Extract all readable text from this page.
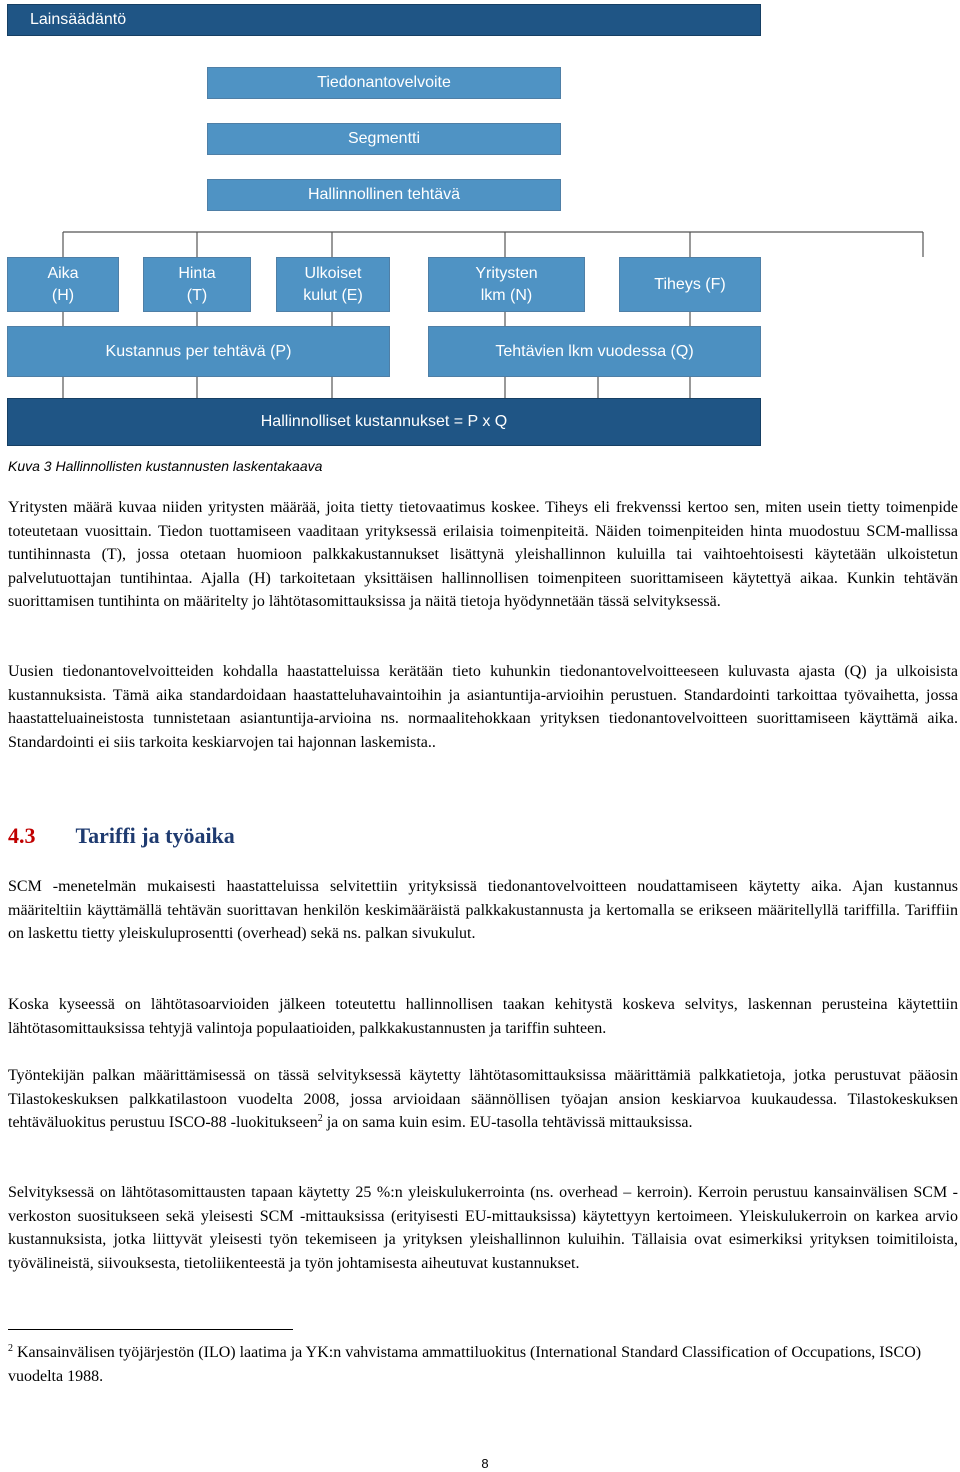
Lainsäädäntö
Tiedonantovelvoite
Segmentti
Hallinnollinen tehtävä
Aika
(H)
Hinta
(T)
Ulkoiset
kulut (E)
Yritysten
lkm (N)
Tiheys (F)
Kustannus per tehtävä (P)	Tehtävien lkm vuodessa (Q)
Hallinnolliset kustannukset = P x Q
Kuva 3 Hallinnollisten kustannusten laskentakaava

Yritysten määrä kuvaa niiden yritysten määrää, joita tietty tietovaatimus koskee. Tiheys eli frekvenssi kertoo sen, miten usein tietty toimenpide toteutetaan vuosittain. Tiedon tuottamiseen vaaditaan yrityksessä erilaisia toimenpiteitä. Näiden toimenpiteiden hinta muodostuu SCM-mallissa tuntihinnasta (T), jossa otetaan huomioon palkkakustannukset lisättynä yleishallinnon kuluilla tai vaihtoehtoisesti käytetään ulkoistetun palvelutuottajan tuntihintaa. Ajalla (H) tarkoitetaan yksittäisen hallinnollisen toimenpiteen suorittamiseen käytettyä aikaa. Kunkin tehtävän suorittamisen tuntihinta on määritelty jo lähtötasomittauksissa ja näitä tietoja hyödynnetään tässä selvityksessä.

Uusien tiedonantovelvoitteiden kohdalla haastatteluissa kerätään tieto kuhunkin tiedonantovelvoitteeseen kuluvasta ajasta (Q) ja ulkoisista kustannuksista. Tämä aika standardoidaan haastatteluhavaintoihin ja asiantuntija-arvioihin perustuen. Standardointi tarkoittaa työvaihetta, jossa haastatteluaineistosta tunnistetaan asiantuntija-arvioina ns. normaalitehokkaan yrityksen tiedonantovelvoitteen suorittamiseen käyttämä aika. Standardointi ei siis tarkoita keskiarvojen tai hajonnan laskemista..

4.3 Tariffi ja työaika

SCM -menetelmän mukaisesti haastatteluissa selvitettiin yrityksissä tiedonantovelvoitteen noudattamiseen käytetty aika. Ajan kustannus määriteltiin käyttämällä tehtävän suorittavan henkilön keskimääräistä palkkakustannusta ja kertomalla se erikseen määritellyllä tariffilla. Tariffiin on laskettu tietty yleiskuluprosentti (overhead) sekä ns. palkan sivukulut.

Koska kyseessä on lähtötasoarvioiden jälkeen toteutettu hallinnollisen taakan kehitystä koskeva selvitys, laskennan perusteina käytettiin lähtötasomittauksissa tehtyjä valintoja populaatioiden, palkkakustannusten ja tariffin suhteen.

Työntekijän palkan määrittämisessä on tässä selvityksessä käytetty lähtötasomittauksissa määrittämiä palkkatietoja, jotka perustuvat pääosin Tilastokeskuksen palkkatilastoon vuodelta 2008, jossa arvioidaan säännöllisen työajan ansion keskiarvoa kuukaudessa. Tilastokeskuksen tehtäväluokitus perustuu ISCO-88 -luokitukseen$^2$ ja on sama kuin esim. EU-tasolla tehtävissä mittauksissa.

Selvityksessä on lähtötasomittausten tapaan käytetty 25 %:n yleiskulukerrointa (ns. overhead – kerroin). Kerroin perustuu kansainvälisen SCM -verkoston suositukseen sekä yleisesti SCM -mittauksissa (erityisesti EU-mittauksissa) käytettyyn kertoimeen. Yleiskulukerroin on karkea arvio kustannuksista, jotka liittyvät yleisesti työn tekemiseen ja yrityksen yleishallinnon kuluihin. Tällaisia ovat esimerkiksi yrityksen toimitiloista, työvälineistä, siivouksesta, tietoliikenteestä ja työn johtamisesta aiheutuvat kustannukset.

$^2$ Kansainvälisen työjärjestön (ILO) laatima ja YK:n vahvistama ammattiluokitus (International Standard Classification of Occupations, ISCO) vuodelta 1988.

8
